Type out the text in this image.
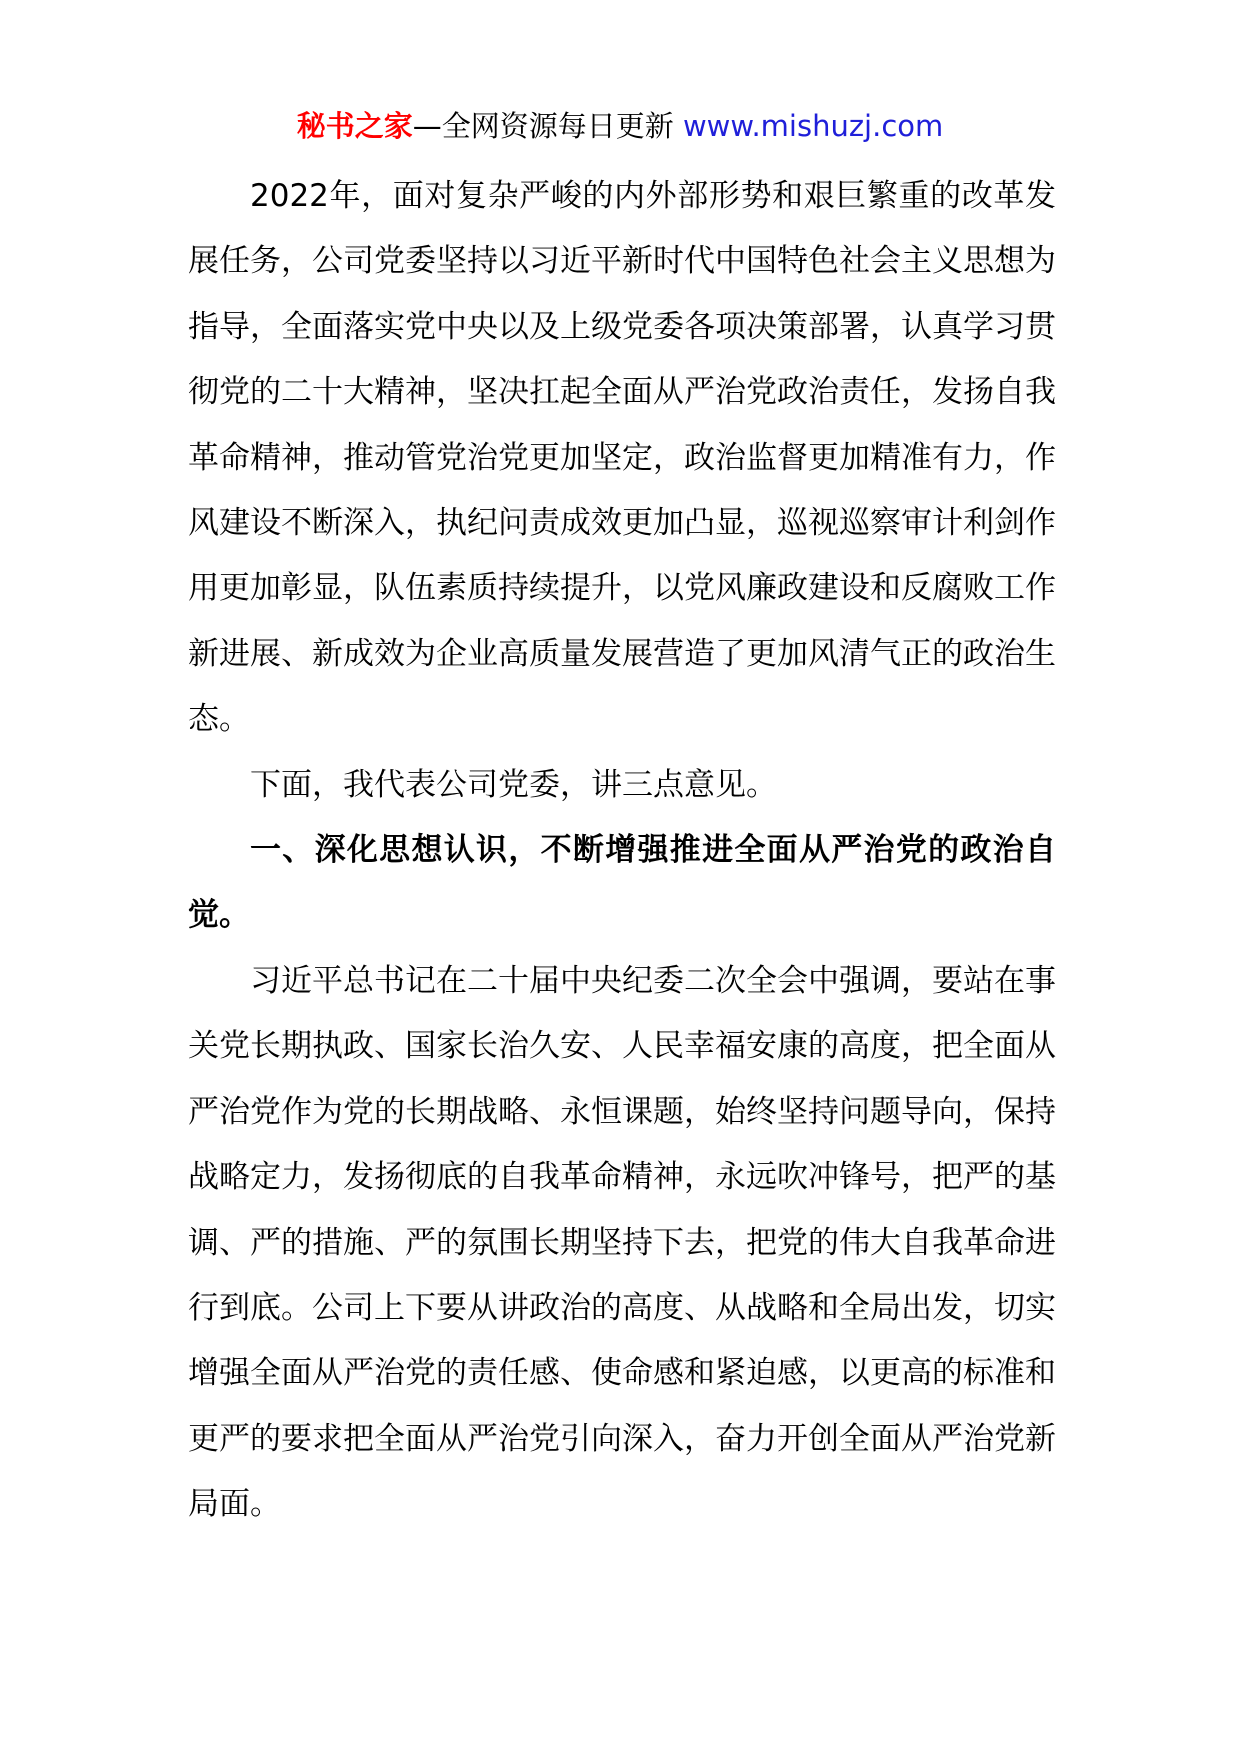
秘书之家—全网资源每日更新 www.mishuzj.com

2022年，面对复杂严峻的内外部形势和艰巨繁重的改革发展任务，公司党委坚持以习近平新时代中国特色社会主义思想为指导，全面落实党中央以及上级党委各项决策部署，认真学习贯彻党的二十大精神，坚决扛起全面从严治党政治责任，发扬自我革命精神，推动管党治党更加坚定，政治监督更加精准有力，作风建设不断深入，执纪问责成效更加凸显，巡视巡察审计利剑作用更加彰显，队伍素质持续提升，以党风廉政建设和反腐败工作新进展、新成效为企业高质量发展营造了更加风清气正的政治生态。

下面，我代表公司党委，讲三点意见。

一、深化思想认识，不断增强推进全面从严治党的政治自觉。

习近平总书记在二十届中央纪委二次全会中强调，要站在事关党长期执政、国家长治久安、人民幸福安康的高度，把全面从严治党作为党的长期战略、永恒课题，始终坚持问题导向，保持战略定力，发扬彻底的自我革命精神，永远吹冲锋号，把严的基调、严的措施、严的氛围长期坚持下去，把党的伟大自我革命进行到底。公司上下要从讲政治的高度、从战略和全局出发，切实增强全面从严治党的责任感、使命感和紧迫感，以更高的标准和更严的要求把全面从严治党引向深入，奋力开创全面从严治党新局面。
